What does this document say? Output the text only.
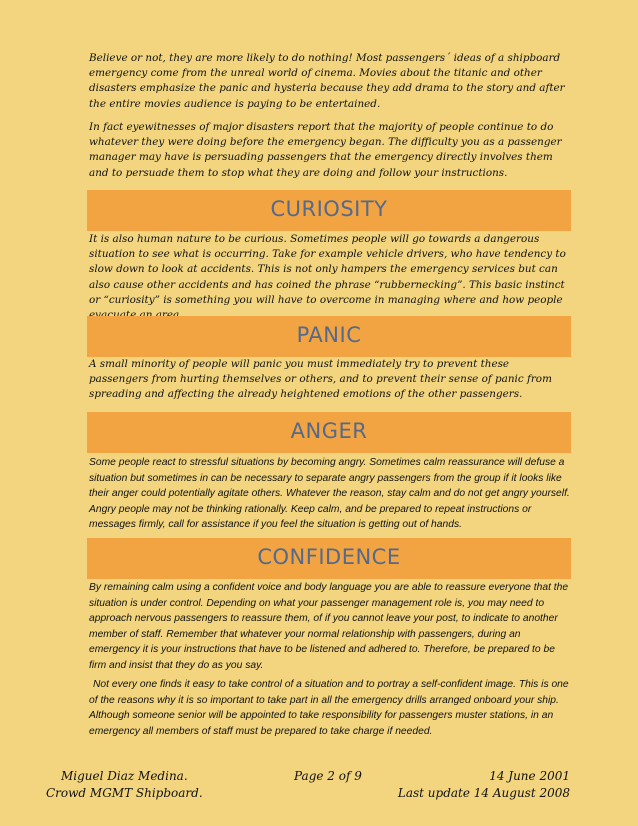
Believe or not, they are more likely to do nothing! Most passengers´ ideas of a shipboard emergency come from the unreal world of cinema. Movies about the titanic and other disasters emphasize the panic and hysteria because they add drama to the story and after the entire movies audience is paying to be entertained.

In fact eyewitnesses of major disasters report that the majority of people continue to do whatever they were doing before the emergency began. The difficulty you as a passenger manager may have is persuading passengers that the emergency directly involves them and to persuade them to stop what they are doing and follow your instructions.

CURIOSITY

It is also human nature to be curious. Sometimes people will go towards a dangerous situation to see what is occurring. Take for example vehicle drivers, who have tendency to slow down to look at accidents. This is not only hampers the emergency services but can also cause other accidents and has coined the phrase “rubbernecking”. This basic instinct or “curiosity” is something you will have to overcome in managing where and how people

PANIC

A small minority of people will panic you must immediately try to prevent these passengers from hurting themselves or others, and to prevent their sense of panic from spreading and affecting the already heightened emotions of the other passengers.

ANGER

Some people react to stressful situations by becoming angry. Sometimes calm reassurance will defuse a situation but sometimes in can be necessary to separate angry passengers from the group if it looks like their anger could potentially agitate others. Whatever the reason, stay calm and do not get angry yourself. Angry people may not be thinking rationally. Keep calm, and be prepared to repeat instructions or messages firmly, call for assistance if you feel the situation is getting out of hands.

CONFIDENCE

By remaining calm using a confident voice and body language you are able to reassure everyone that the situation is under control. Depending on what your passenger management role is, you may need to approach nervous passengers to reassure them, of if you cannot leave your post, to indicate to another member of staff. Remember that whatever your normal relationship with passengers, during an emergency it is your instructions that have to be listened and adhered to. Therefore, be prepared to be firm and insist that they do as you say.

Not every one finds it easy to take control of a situation and to portray a self-confident image. This is one of the reasons why it is so important to take part in all the emergency drills arranged onboard your ship. Although someone senior will be appointed to take responsibility for passengers muster stations, in an emergency all members of staff must be prepared to take charge if needed.

Miguel Diaz Medina.
Crowd MGMT Shipboard.
Page 2 of 9	14 June 2001
Last update 14 August 2008
